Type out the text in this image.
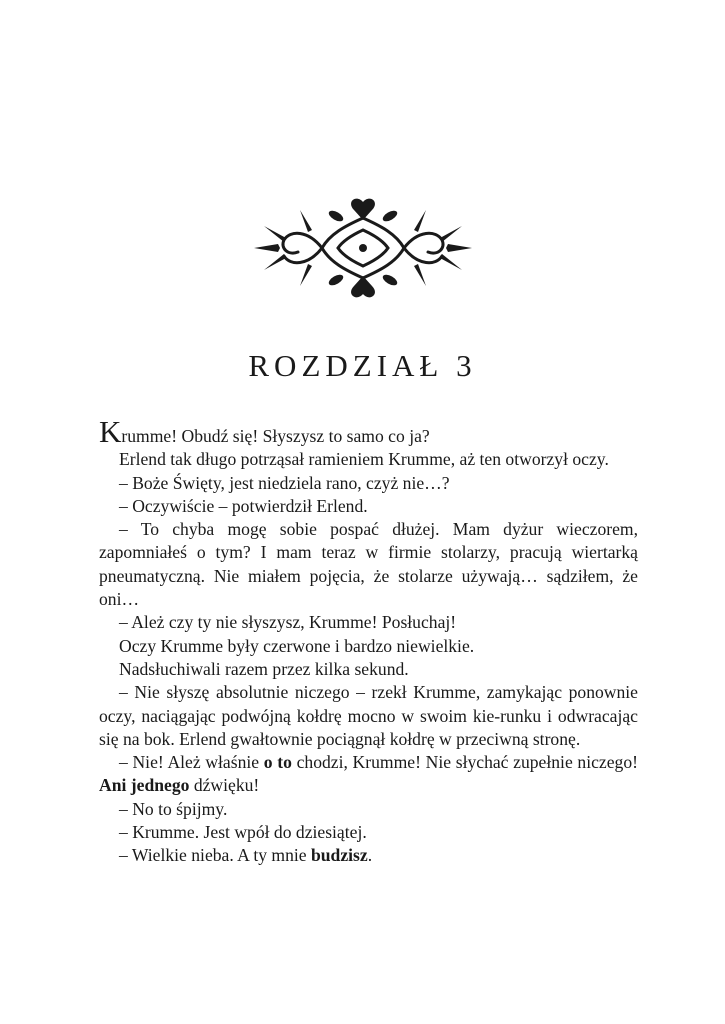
ROZDZIAŁ 3

Krumme! Obudź się! Słyszysz to samo co ja?

Erlend tak długo potrząsał ramieniem Krumme, aż ten otworzył oczy.

– Boże Święty, jest niedziela rano, czyż nie…?

– Oczywiście – potwierdził Erlend.

– To chyba mogę sobie pospać dłużej. Mam dyżur wieczorem, zapomniałeś o tym? I mam teraz w firmie stolarzy, pracują wiertarką pneumatyczną. Nie miałem pojęcia, że stolarze używają… sądziłem, że oni…

– Ależ czy ty nie słyszysz, Krumme! Posłuchaj!

Oczy Krumme były czerwone i bardzo niewielkie.

Nadsłuchiwali razem przez kilka sekund.

– Nie słyszę absolutnie niczego – rzekł Krumme, zamykając ponownie oczy, naciągając podwójną kołdrę mocno w swoim kie-runku i odwracając się na bok. Erlend gwałtownie pociągnął kołdrę w przeciwną stronę.

– Nie! Ależ właśnie o to chodzi, Krumme! Nie słychać zupełnie niczego! Ani jednego dźwięku!

– No to śpijmy.

– Krumme. Jest wpół do dziesiątej.

– Wielkie nieba. A ty mnie budzisz.
